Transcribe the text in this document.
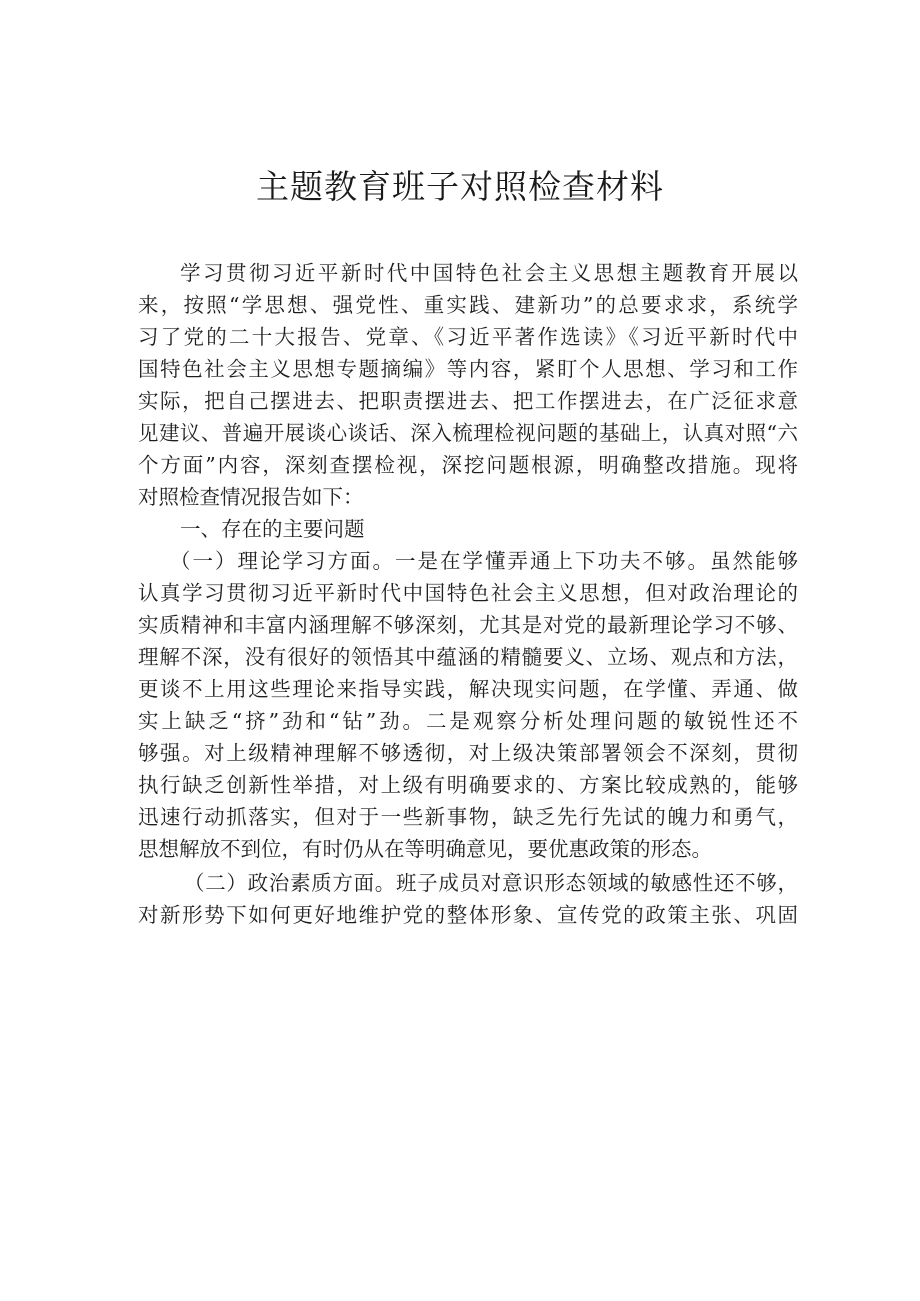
主题教育班子对照检查材料

学习贯彻习近平新时代中国特色社会主义思想主题教育开展以

来，按照“学思想、强党性、重实践、建新功”的总要求求，系统学

习了党的二十大报告、党章、《习近平著作选读》《习近平新时代中

国特色社会主义思想专题摘编》等内容，紧盯个人思想、学习和工作

实际，把自己摆进去、把职责摆进去、把工作摆进去，在广泛征求意

见建议、普遍开展谈心谈话、深入梳理检视问题的基础上，认真对照“六

个方面”内容，深刻查摆检视，深挖问题根源，明确整改措施。现将

对照检查情况报告如下：

一、存在的主要问题

（一）理论学习方面。一是在学懂弄通上下功夫不够。虽然能够

认真学习贯彻习近平新时代中国特色社会主义思想，但对政治理论的

实质精神和丰富内涵理解不够深刻，尤其是对党的最新理论学习不够、

理解不深，没有很好的领悟其中蕴涵的精髓要义、立场、观点和方法，

更谈不上用这些理论来指导实践，解决现实问题，在学懂、弄通、做

实上缺乏“挤”劲和“钻”劲。二是观察分析处理问题的敏锐性还不

够强。对上级精神理解不够透彻，对上级决策部署领会不深刻，贯彻

执行缺乏创新性举措，对上级有明确要求的、方案比较成熟的，能够

迅速行动抓落实，但对于一些新事物，缺乏先行先试的魄力和勇气，

思想解放不到位，有时仍从在等明确意见，要优惠政策的形态。

（二）政治素质方面。班子成员对意识形态领域的敏感性还不够，

对新形势下如何更好地维护党的整体形象、宣传党的政策主张、巩固
